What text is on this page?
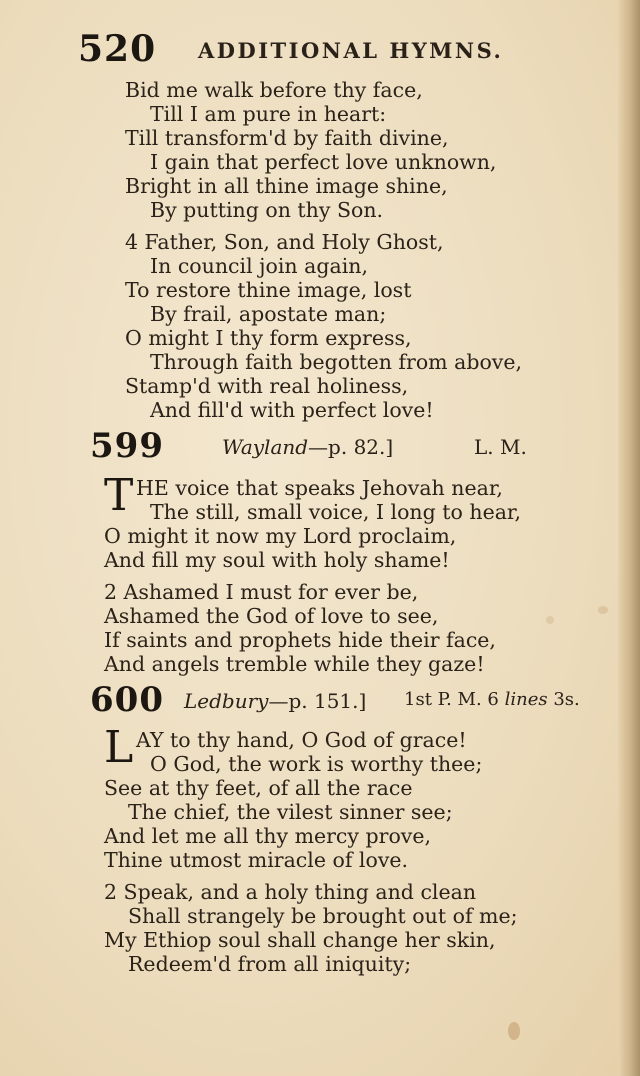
520 ADDITIONAL HYMNS.
Bid me walk before thy face,
Till I am pure in heart:
Till transform'd by faith divine,
I gain that perfect love unknown,
Bright in all thine image shine,
By putting on thy Son.
4 Father, Son, and Holy Ghost,
In council join again,
To restore thine image, lost
By frail, apostate man;
O might I thy form express,
Through faith begotten from above,
Stamp'd with real holiness,
And fill'd with perfect love!
599	Wayland—p. 82.]	L. M.
T HE voice that speaks Jehovah near,
The still, small voice, I long to hear,
O might it now my Lord proclaim,
And fill my soul with holy shame!
2 Ashamed I must for ever be,
Ashamed the God of love to see,
If saints and prophets hide their face,
And angels tremble while they gaze!
600 Ledbury—p. 151.] 1st P. M. 6 lines 3s.
L AY to thy hand, O God of grace!
O God, the work is worthy thee;
See at thy feet, of all the race
The chief, the vilest sinner see;
And let me all thy mercy prove,
Thine utmost miracle of love.
2 Speak, and a holy thing and clean
Shall strangely be brought out of me;
My Ethiop soul shall change her skin,
Redeem'd from all iniquity;
